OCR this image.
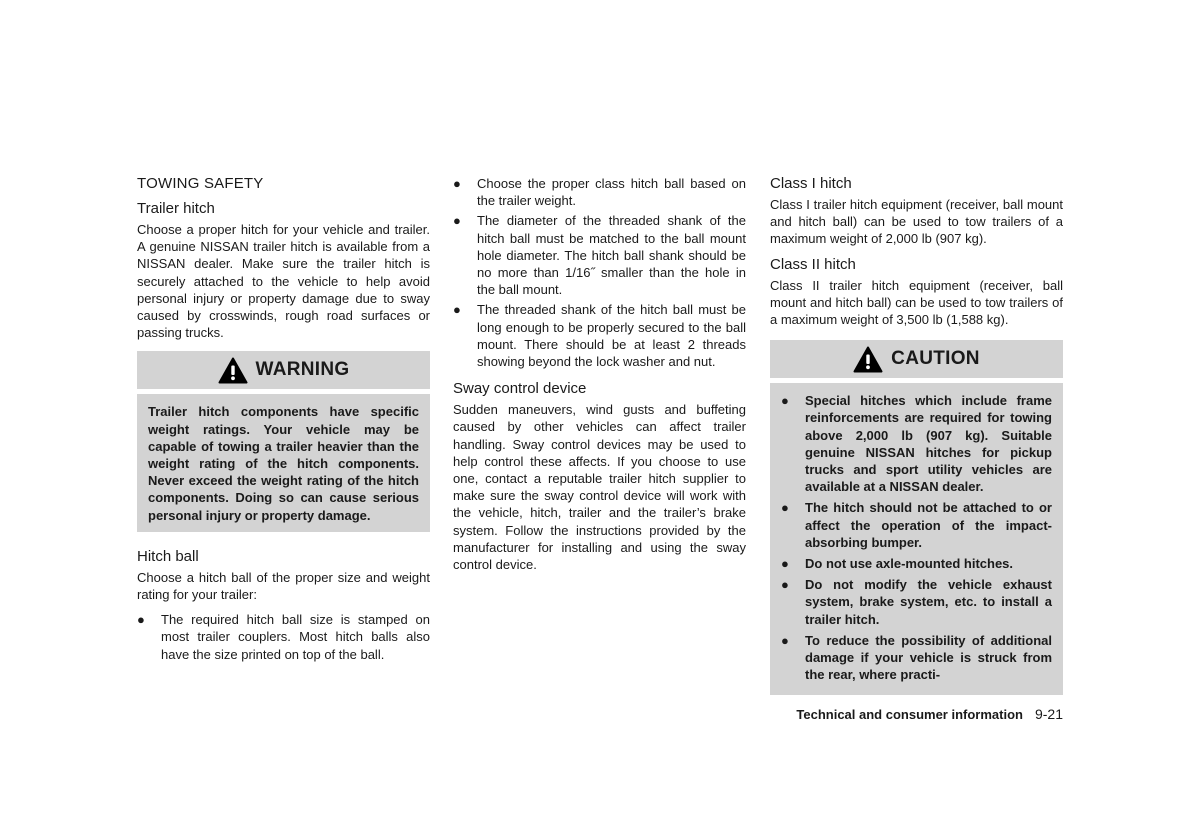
TOWING SAFETY
Trailer hitch
Choose a proper hitch for your vehicle and trailer. A genuine NISSAN trailer hitch is available from a NISSAN dealer. Make sure the trailer hitch is securely attached to the vehicle to help avoid personal injury or property damage due to sway caused by crosswinds, rough road surfaces or passing trucks.
WARNING
Trailer hitch components have specific weight ratings. Your vehicle may be capable of towing a trailer heavier than the weight rating of the hitch components. Never exceed the weight rating of the hitch components. Doing so can cause serious personal injury or property damage.
Hitch ball
Choose a hitch ball of the proper size and weight rating for your trailer:
● The required hitch ball size is stamped on most trailer couplers. Most hitch balls also have the size printed on top of the ball.
● Choose the proper class hitch ball based on the trailer weight.
● The diameter of the threaded shank of the hitch ball must be matched to the ball mount hole diameter. The hitch ball shank should be no more than 1/16˝ smaller than the hole in the ball mount.
● The threaded shank of the hitch ball must be long enough to be properly secured to the ball mount. There should be at least 2 threads showing beyond the lock washer and nut.
Sway control device
Sudden maneuvers, wind gusts and buffeting caused by other vehicles can affect trailer handling. Sway control devices may be used to help control these affects. If you choose to use one, contact a reputable trailer hitch supplier to make sure the sway control device will work with the vehicle, hitch, trailer and the trailer’s brake system. Follow the instructions provided by the manufacturer for installing and using the sway control device.
Class I hitch
Class I trailer hitch equipment (receiver, ball mount and hitch ball) can be used to tow trailers of a maximum weight of 2,000 lb (907 kg).
Class II hitch
Class II trailer hitch equipment (receiver, ball mount and hitch ball) can be used to tow trailers of a maximum weight of 3,500 lb (1,588 kg).
CAUTION
● Special hitches which include frame reinforcements are required for towing above 2,000 lb (907 kg). Suitable genuine NISSAN hitches for pickup trucks and sport utility vehicles are available at a NISSAN dealer.
● The hitch should not be attached to or affect the operation of the impact-absorbing bumper.
● Do not use axle-mounted hitches.
● Do not modify the vehicle exhaust system, brake system, etc. to install a trailer hitch.
● To reduce the possibility of additional damage if your vehicle is struck from the rear, where practi-
Technical and consumer information 9-21
